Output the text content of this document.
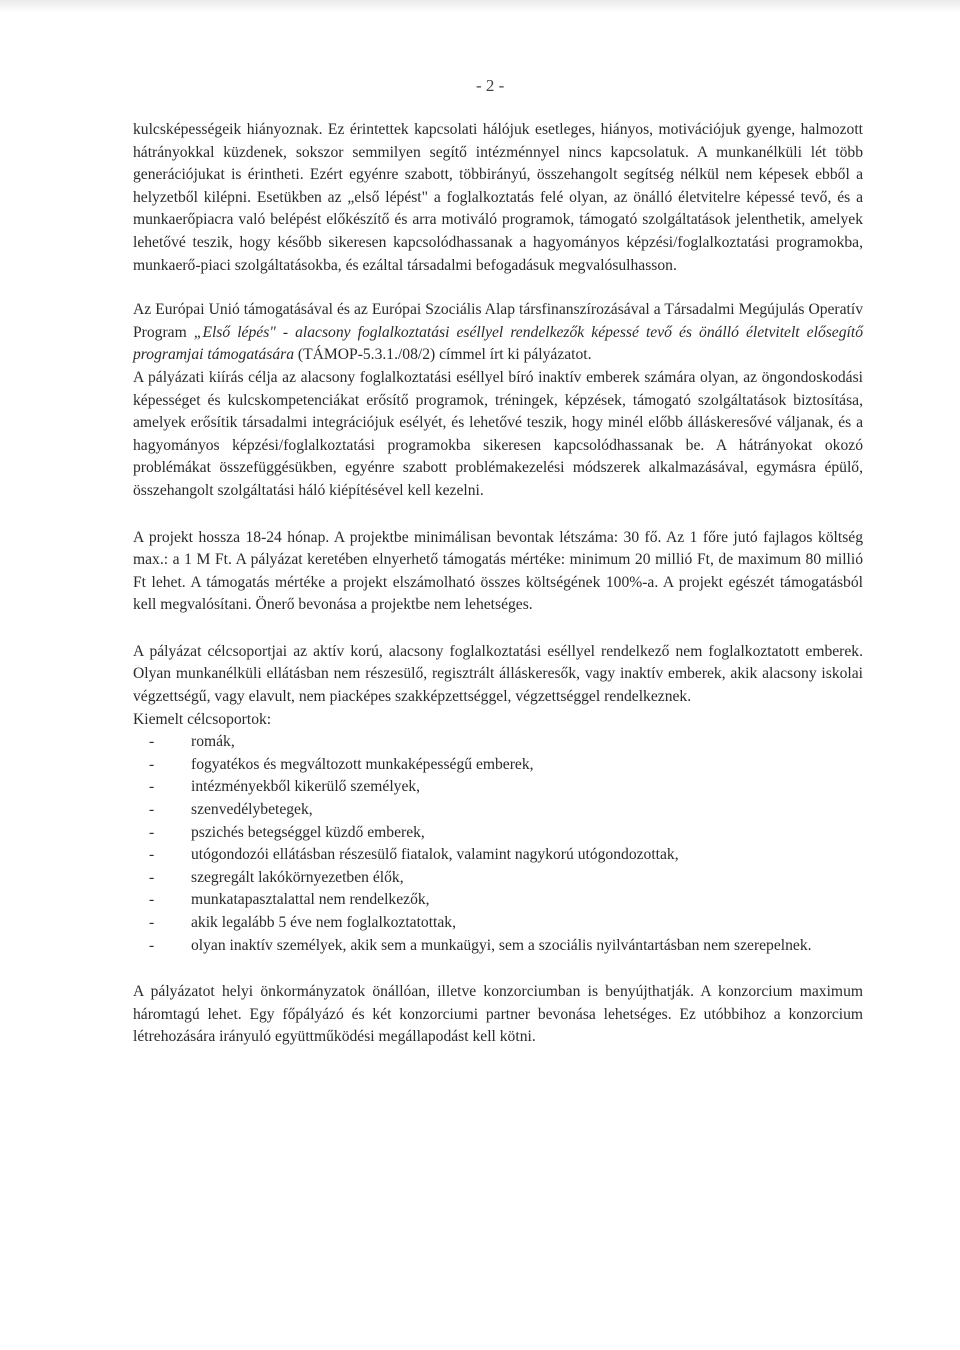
- 2 -

kulcsképességeik hiányoznak. Ez érintettek kapcsolati hálójuk esetleges, hiányos, motivációjuk gyenge, halmozott hátrányokkal küzdenek, sokszor semmilyen segítő intézménnyel nincs kapcsolatuk. A munkanélküli lét több generációjukat is érintheti. Ezért egyénre szabott, többirányú, összehangolt segítség nélkül nem képesek ebből a helyzetből kilépni. Esetükben az „első lépést" a foglalkoztatás felé olyan, az önálló életvitelre képessé tevő, és a munkaerőpiacra való belépést előkészítő és arra motiváló programok, támogató szolgáltatások jelenthetik, amelyek lehetővé teszik, hogy később sikeresen kapcsolódhassanak a hagyományos képzési/foglalkoztatási programokba, munkaerő-piaci szolgáltatásokba, és ezáltal társadalmi befogadásuk megvalósulhasson.

Az Európai Unió támogatásával és az Európai Szociális Alap társfinanszírozásával a Társadalmi Megújulás Operatív Program „Első lépés" - alacsony foglalkoztatási eséllyel rendelkezők képessé tevő és önálló életvitelt elősegítő programjai támogatására (TÁMOP-5.3.1./08/2) címmel írt ki pályázatot.

A pályázati kiírás célja az alacsony foglalkoztatási eséllyel bíró inaktív emberek számára olyan, az öngondoskodási képességet és kulcskompetenciákat erősítő programok, tréningek, képzések, támogató szolgáltatások biztosítása, amelyek erősítik társadalmi integrációjuk esélyét, és lehetővé teszik, hogy minél előbb álláskeresővé váljanak, és a hagyományos képzési/foglalkoztatási programokba sikeresen kapcsolódhassanak be. A hátrányokat okozó problémákat összefüggésükben, egyénre szabott problémakezelési módszerek alkalmazásával, egymásra épülő, összehangolt szolgáltatási háló kiépítésével kell kezelni.

A projekt hossza 18-24 hónap. A projektbe minimálisan bevontak létszáma: 30 fő. Az 1 főre jutó fajlagos költség max.: a 1 M Ft. A pályázat keretében elnyerhető támogatás mértéke: minimum 20 millió Ft, de maximum 80 millió Ft lehet. A támogatás mértéke a projekt elszámolható összes költségének 100%-a. A projekt egészét támogatásból kell megvalósítani. Önerő bevonása a projektbe nem lehetséges.

A pályázat célcsoportjai az aktív korú, alacsony foglalkoztatási eséllyel rendelkező nem foglalkoztatott emberek. Olyan munkanélküli ellátásban nem részesülő, regisztrált álláskeresők, vagy inaktív emberek, akik alacsony iskolai végzettségű, vagy elavult, nem piacképes szakképzettséggel, végzettséggel rendelkeznek.

Kiemelt célcsoportok:

- romák,
- fogyatékos és megváltozott munkaképességű emberek,
- intézményekből kikerülő személyek,
- szenvedélybetegek,
- pszichés betegséggel küzdő emberek,
- utógondozói ellátásban részesülő fiatalok, valamint nagykorú utógondozottak,
- szegregált lakókörnyezetben élők,
- munkatapasztalattal nem rendelkezők,
- akik legalább 5 éve nem foglalkoztatottak,
- olyan inaktív személyek, akik sem a munkaügyi, sem a szociális nyilvántartásban nem szerepelnek.

A pályázatot helyi önkormányzatok önállóan, illetve konzorciumban is benyújthatják. A konzorcium maximum háromtagú lehet. Egy főpályázó és két konzorciumi partner bevonása lehetséges. Ez utóbbihoz a konzorcium létrehozására irányuló együttműködési megállapodást kell kötni.
